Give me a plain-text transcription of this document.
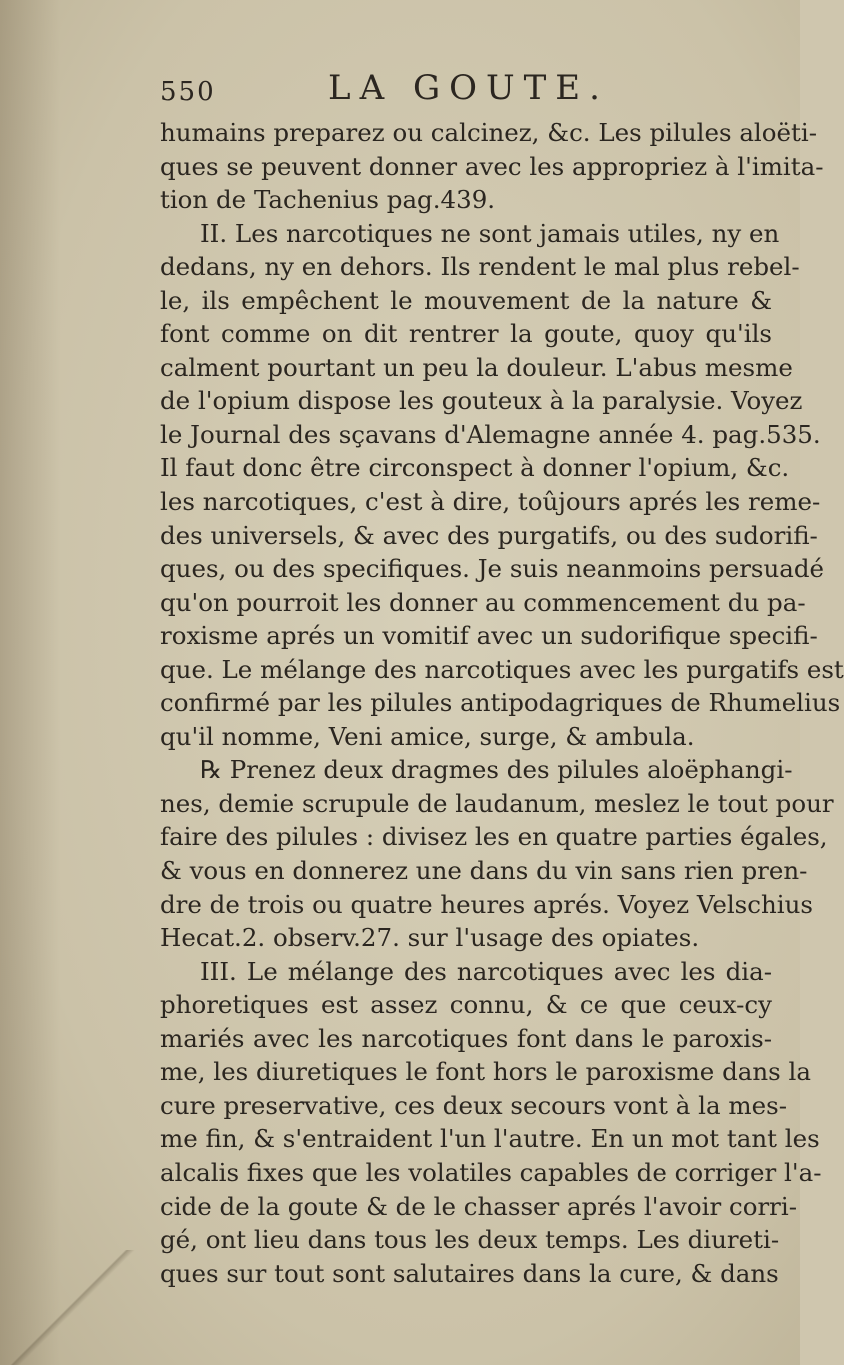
550	LA GOUTE.
humains preparez ou calcinez, &c. Les pilules aloëti-
ques se peuvent donner avec les appropriez à l'imita-
tion de Tachenius pag.439.
II. Les narcotiques ne sont jamais utiles, ny en
dedans, ny en dehors. Ils rendent le mal plus rebel-
le, ils empêchent le mouvement de la nature &
font comme on dit rentrer la goute, quoy qu'ils
calment pourtant un peu la douleur. L'abus mesme
de l'opium dispose les gouteux à la paralysie. Voyez
le Journal des sçavans d'Alemagne année 4. pag.535.
Il faut donc être circonspect à donner l'opium, &c.
les narcotiques, c'est à dire, toûjours aprés les reme-
des universels, & avec des purgatifs, ou des sudorifi-
ques, ou des specifiques. Je suis neanmoins persuadé
qu'on pourroit les donner au commencement du pa-
roxisme aprés un vomitif avec un sudorifique specifi-
que. Le mélange des narcotiques avec les purgatifs est
confirmé par les pilules antipodagriques de Rhumelius
qu'il nomme, Veni amice, surge, & ambula.
℞ Prenez deux dragmes des pilules aloëphangi-
nes, demie scrupule de laudanum, meslez le tout pour
faire des pilules : divisez les en quatre parties égales,
& vous en donnerez une dans du vin sans rien pren-
dre de trois ou quatre heures aprés. Voyez Velschius
Hecat.2. observ.27. sur l'usage des opiates.
III. Le mélange des narcotiques avec les dia-
phoretiques est assez connu, & ce que ceux-cy
mariés avec les narcotiques font dans le paroxis-
me, les diuretiques le font hors le paroxisme dans la
cure preservative, ces deux secours vont à la mes-
me fin, & s'entraident l'un l'autre. En un mot tant les
alcalis fixes que les volatiles capables de corriger l'a-
cide de la goute & de le chasser aprés l'avoir corri-
gé, ont lieu dans tous les deux temps. Les diureti-
ques sur tout sont salutaires dans la cure, & dans
